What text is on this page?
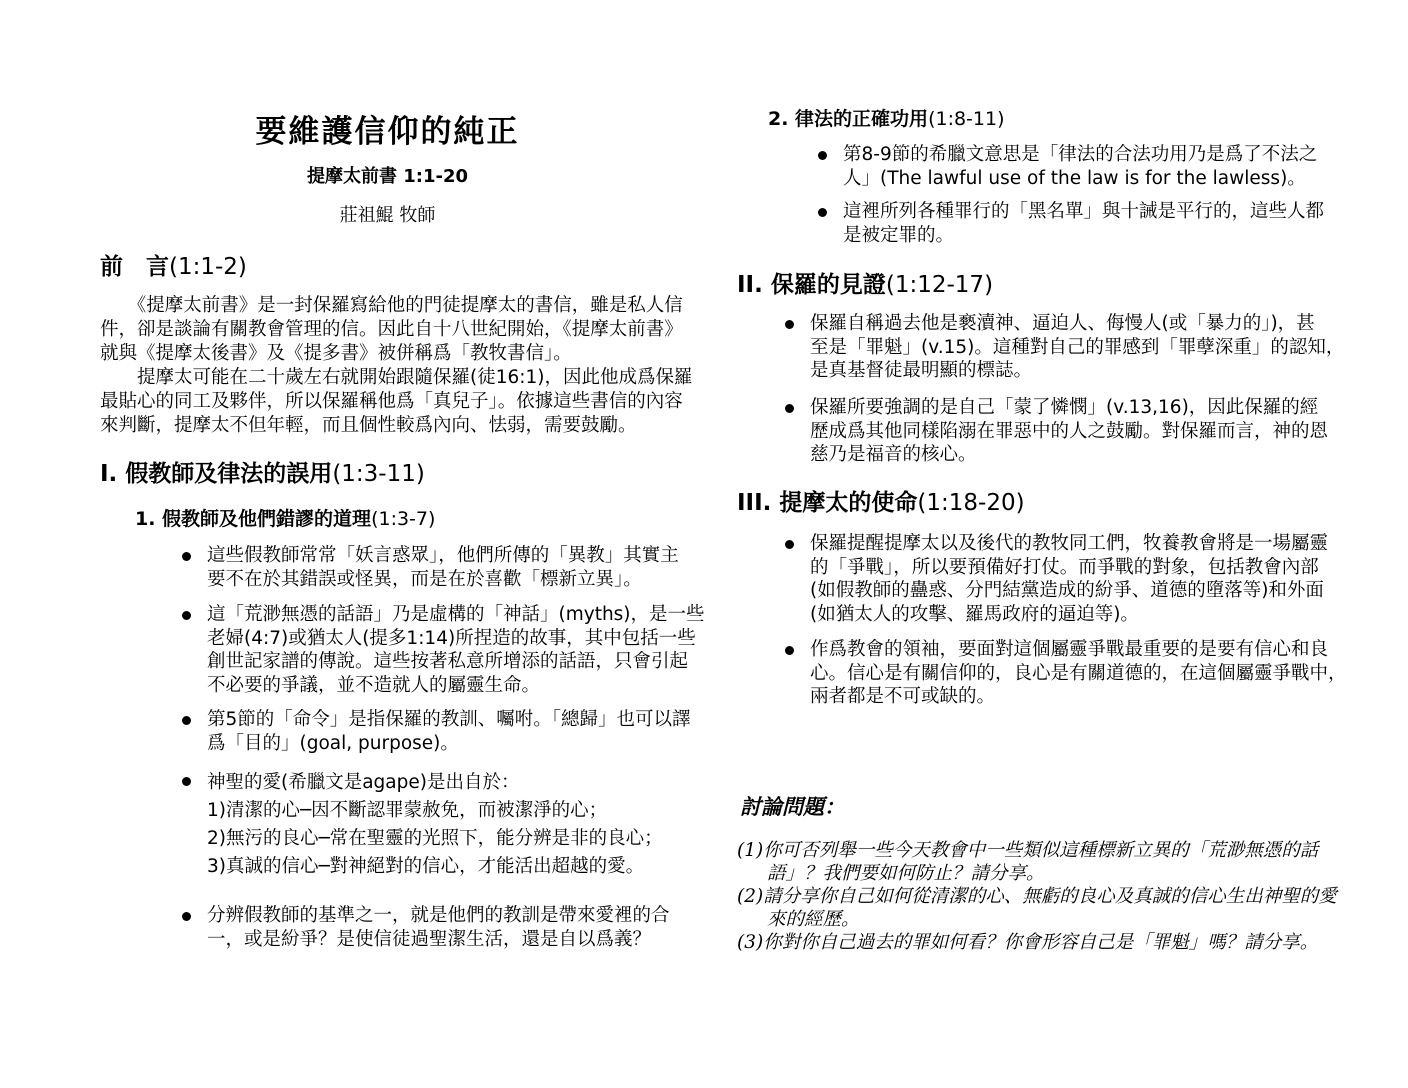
要維護信仰的純正
提摩太前書 1:1-20
莊祖鯤 牧師
前　言(1:1-2)
　　《提摩太前書》是一封保羅寫給他的門徒提摩太的書信，雖是私人信
件，卻是談論有關教會管理的信。因此自十八世紀開始，《提摩太前書》
就與《提摩太後書》及《提多書》被併稱爲「教牧書信」。
　　提摩太可能在二十歲左右就開始跟隨保羅(徒16:1)，因此他成爲保羅
最貼心的同工及夥伴，所以保羅稱他爲「真兒子」。依據這些書信的內容
來判斷，提摩太不但年輕，而且個性較爲內向、怯弱，需要鼓勵。
I. 假教師及律法的誤用(1:3-11)
1. 假教師及他們錯謬的道理(1:3-7)
這些假教師常常「妖言惑眾」，他們所傳的「異教」其實主
要不在於其錯誤或怪異，而是在於喜歡「標新立異」。
這「荒渺無憑的話語」乃是虛構的「神話」(myths)，是一些
老婦(4:7)或猶太人(提多1:14)所捏造的故事，其中包括一些
創世記家譜的傳說。這些按著私意所增添的話語，只會引起
不必要的爭議，並不造就人的屬靈生命。
第5節的「命令」是指保羅的教訓、囑咐。「總歸」也可以譯
爲「目的」(goal, purpose)。
神聖的愛(希臘文是agape)是出自於：
1)清潔的心─因不斷認罪蒙赦免，而被潔淨的心；
2)無污的良心─常在聖靈的光照下，能分辨是非的良心；
3)真誠的信心─對神絕對的信心，才能活出超越的愛。
分辨假教師的基準之一，就是他們的教訓是帶來愛裡的合
一，或是紛爭？是使信徒過聖潔生活，還是自以爲義？
2. 律法的正確功用(1:8-11)
第8-9節的希臘文意思是「律法的合法功用乃是爲了不法之
人」(The lawful use of the law is for the lawless)。
這裡所列各種罪行的「黑名單」與十誡是平行的，這些人都
是被定罪的。
II. 保羅的見證(1:12-17)
保羅自稱過去他是褻瀆神、逼迫人、侮慢人(或「暴力的」)，甚
至是「罪魁」(v.15)。這種對自己的罪感到「罪孽深重」的認知，
是真基督徒最明顯的標誌。
保羅所要強調的是自己「蒙了憐憫」(v.13,16)，因此保羅的經
歷成爲其他同樣陷溺在罪惡中的人之鼓勵。對保羅而言，神的恩
慈乃是福音的核心。
III. 提摩太的使命(1:18-20)
保羅提醒提摩太以及後代的教牧同工們，牧養教會將是一場屬靈
的「爭戰」，所以要預備好打仗。而爭戰的對象，包括教會內部
(如假教師的蠱惑、分門結黨造成的紛爭、道德的墮落等)和外面
(如猶太人的攻擊、羅馬政府的逼迫等)。
作爲教會的領袖，要面對這個屬靈爭戰最重要的是要有信心和良
心。信心是有關信仰的，良心是有關道德的，在這個屬靈爭戰中，
兩者都是不可或缺的。
討論問題：
(1)你可否列舉一些今天教會中一些類似這種標新立異的「荒渺無憑的話
語」？我們要如何防止？請分享。
(2)請分享你自己如何從清潔的心、無虧的良心及真誠的信心生出神聖的愛
來的經歷。
(3)你對你自己過去的罪如何看？你會形容自己是「罪魁」嗎？請分享。
